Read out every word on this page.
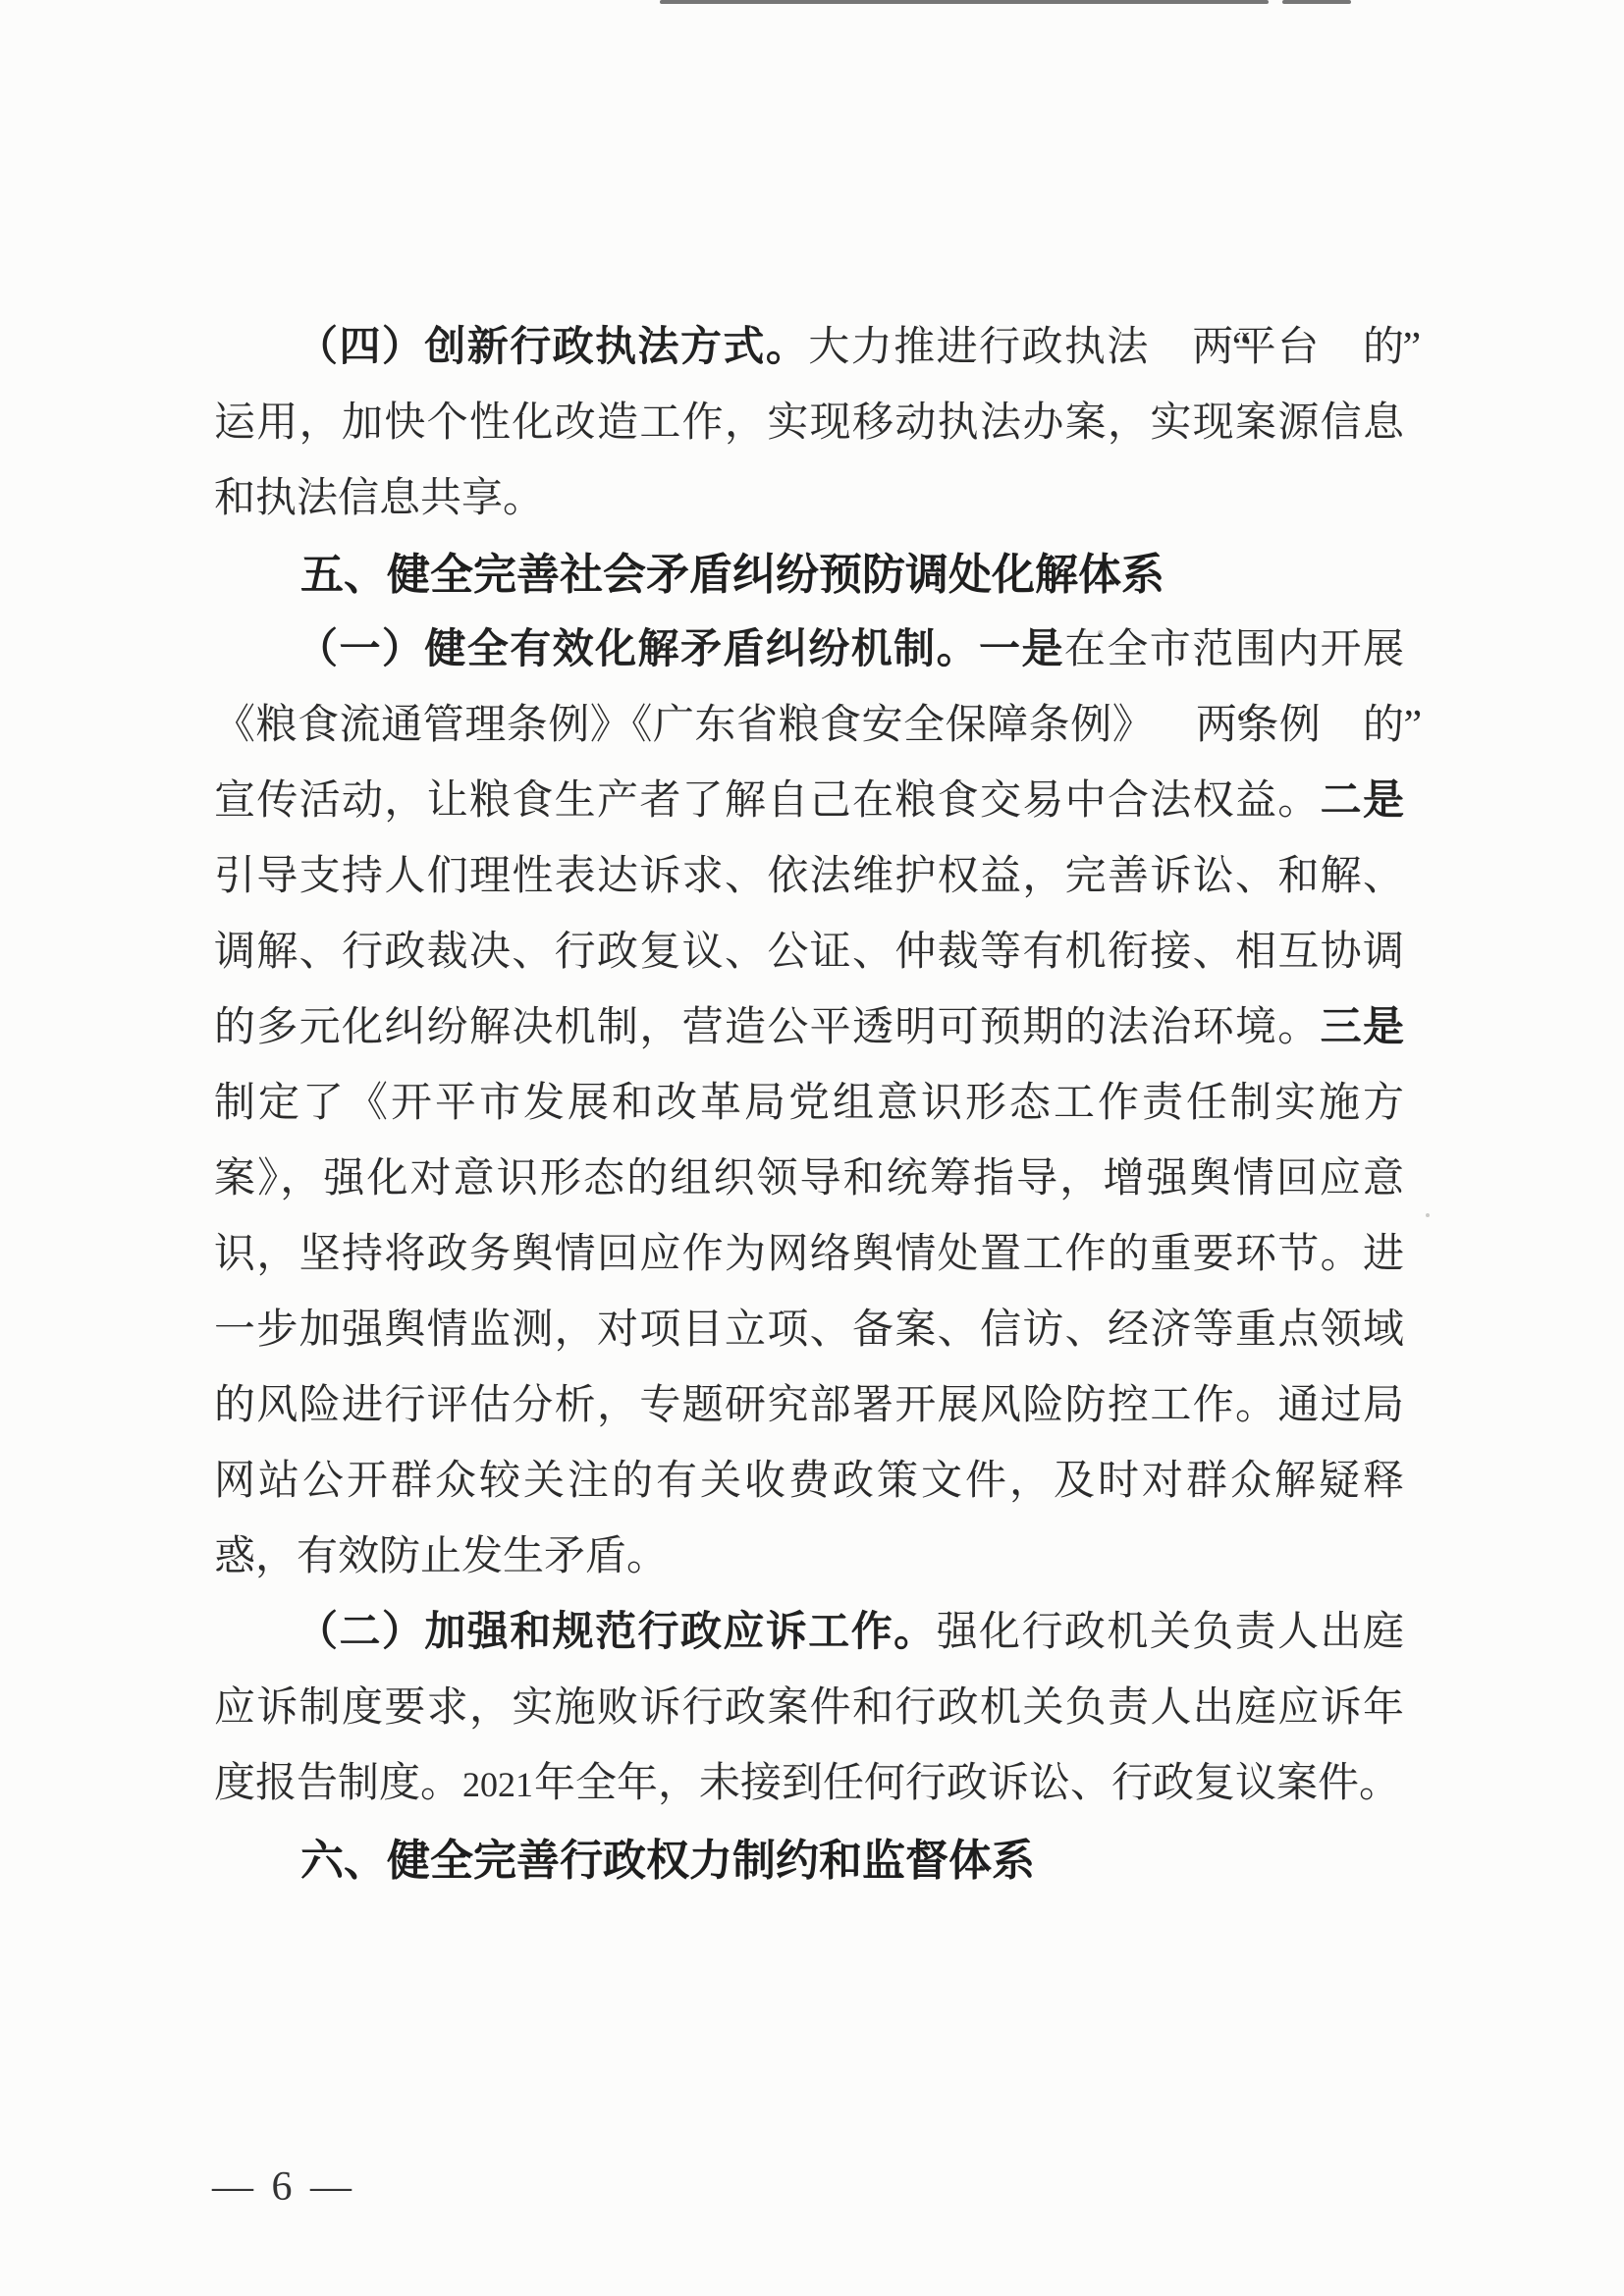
（四）创新行政执法方式。大力推进行政执法 “ 两平台 ” 的运用，加快个性化改造工作，实现移动执法办案，实现案源信息和执法信息共享。

五、健全完善社会矛盾纠纷预防调处化解体系

（一）健全有效化解矛盾纠纷机制。一是在全市范围内开展《粮食流通管理条例》《广东省粮食安全保障条例》 “ 两条例 ” 的宣传活动，让粮食生产者了解自己在粮食交易中合法权益。二是引导支持人们理性表达诉求、依法维护权益，完善诉讼、和解、调解、行政裁决、行政复议、公证、仲裁等有机衔接、相互协调的多元化纠纷解决机制，营造公平透明可预期的法治环境。三是制定了《开平市发展和改革局党组意识形态工作责任制实施方案》，强化对意识形态的组织领导和统筹指导，增强舆情回应意识，坚持将政务舆情回应作为网络舆情处置工作的重要环节。进一步加强舆情监测，对项目立项、备案、信访、经济等重点领域的风险进行评估分析，专题研究部署开展风险防控工作。通过局网站公开群众较关注的有关收费政策文件，及时对群众解疑释惑，有效防止发生矛盾。

（二）加强和规范行政应诉工作。强化行政机关负责人出庭应诉制度要求，实施败诉行政案件和行政机关负责人出庭应诉年度报告制度。2021年全年，未接到任何行政诉讼、行政复议案件。

六、健全完善行政权力制约和监督体系
— 6 —
